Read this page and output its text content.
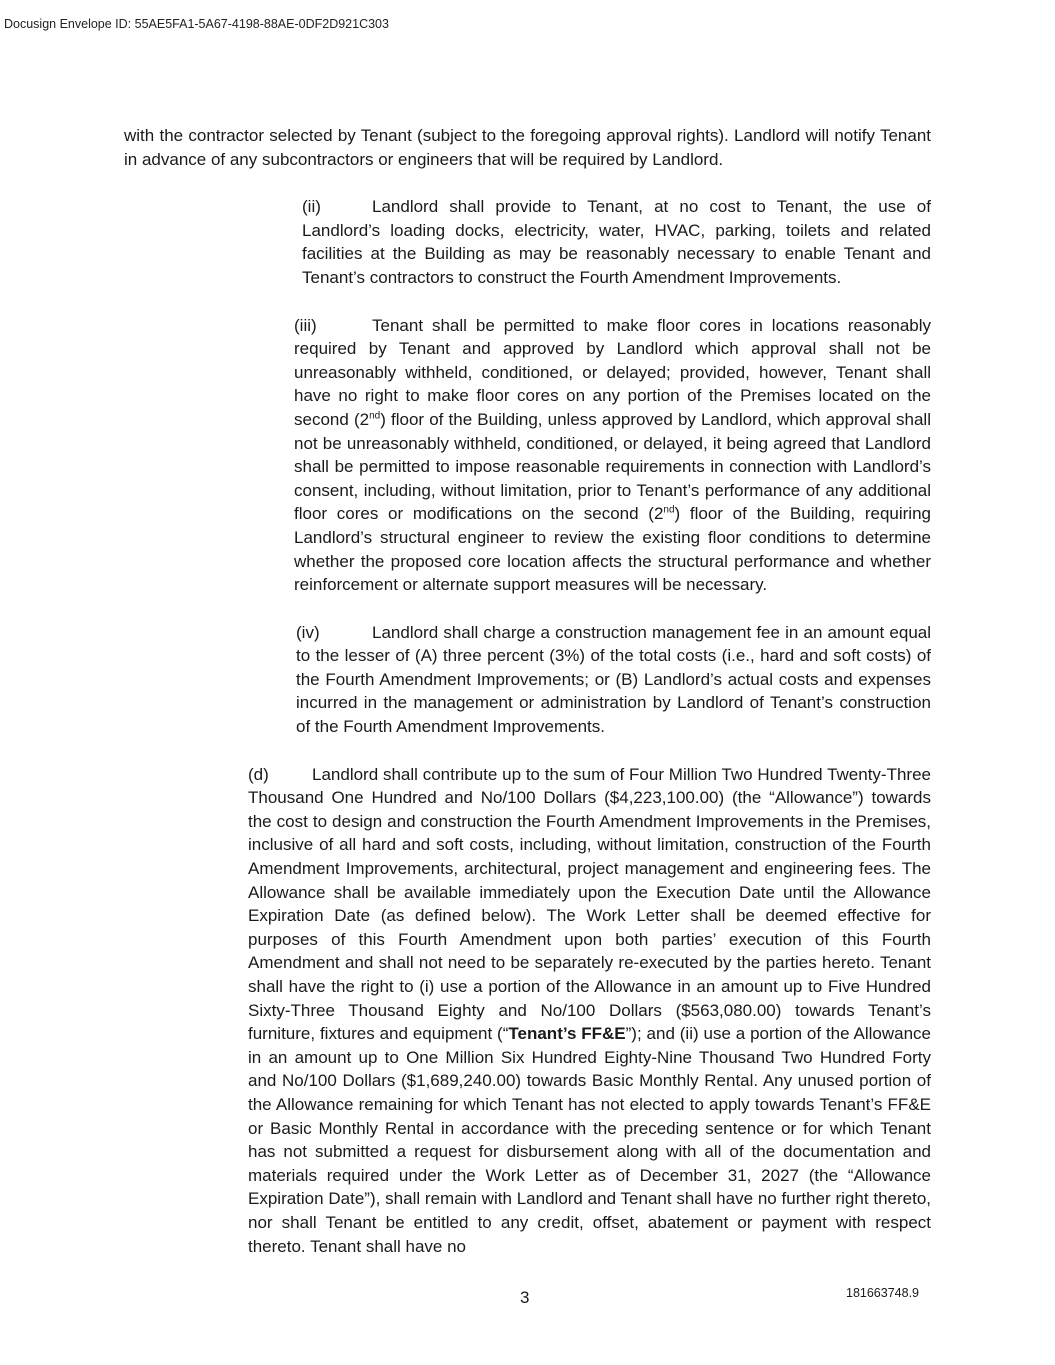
Docusign Envelope ID: 55AE5FA1-5A67-4198-88AE-0DF2D921C303

with the contractor selected by Tenant (subject to the foregoing approval rights). Landlord will notify Tenant in advance of any subcontractors or engineers that will be required by Landlord.

(ii)	Landlord shall provide to Tenant, at no cost to Tenant, the use of Landlord’s loading docks, electricity, water, HVAC, parking, toilets and related facilities at the Building as may be reasonably necessary to enable Tenant and Tenant’s contractors to construct the Fourth Amendment Improvements.

(iii)	Tenant shall be permitted to make floor cores in locations reasonably required by Tenant and approved by Landlord which approval shall not be unreasonably withheld, conditioned, or delayed; provided, however, Tenant shall have no right to make floor cores on any portion of the Premises located on the second (2nd) floor of the Building, unless approved by Landlord, which approval shall not be unreasonably withheld, conditioned, or delayed, it being agreed that Landlord shall be permitted to impose reasonable requirements in connection with Landlord’s consent, including, without limitation, prior to Tenant’s performance of any additional floor cores or modifications on the second (2nd) floor of the Building, requiring Landlord’s structural engineer to review the existing floor conditions to determine whether the proposed core location affects the structural performance and whether reinforcement or alternate support measures will be necessary.

(iv)	Landlord shall charge a construction management fee in an amount equal to the lesser of (A) three percent (3%) of the total costs (i.e., hard and soft costs) of the Fourth Amendment Improvements; or (B) Landlord’s actual costs and expenses incurred in the management or administration by Landlord of Tenant’s construction of the Fourth Amendment Improvements.

(d)	Landlord shall contribute up to the sum of Four Million Two Hundred Twenty-Three Thousand One Hundred and No/100 Dollars ($4,223,100.00) (the “Allowance”) towards the cost to design and construction the Fourth Amendment Improvements in the Premises, inclusive of all hard and soft costs, including, without limitation, construction of the Fourth Amendment Improvements, architectural, project management and engineering fees. The Allowance shall be available immediately upon the Execution Date until the Allowance Expiration Date (as defined below). The Work Letter shall be deemed effective for purposes of this Fourth Amendment upon both parties’ execution of this Fourth Amendment and shall not need to be separately re-executed by the parties hereto. Tenant shall have the right to (i) use a portion of the Allowance in an amount up to Five Hundred Sixty-Three Thousand Eighty and No/100 Dollars ($563,080.00) towards Tenant’s furniture, fixtures and equipment (“Tenant’s FF&E”); and (ii) use a portion of the Allowance in an amount up to One Million Six Hundred Eighty-Nine Thousand Two Hundred Forty and No/100 Dollars ($1,689,240.00) towards Basic Monthly Rental. Any unused portion of the Allowance remaining for which Tenant has not elected to apply towards Tenant’s FF&E or Basic Monthly Rental in accordance with the preceding sentence or for which Tenant has not submitted a request for disbursement along with all of the documentation and materials required under the Work Letter as of December 31, 2027 (the “Allowance Expiration Date”), shall remain with Landlord and Tenant shall have no further right thereto, nor shall Tenant be entitled to any credit, offset, abatement or payment with respect thereto. Tenant shall have no

3	181663748.9
